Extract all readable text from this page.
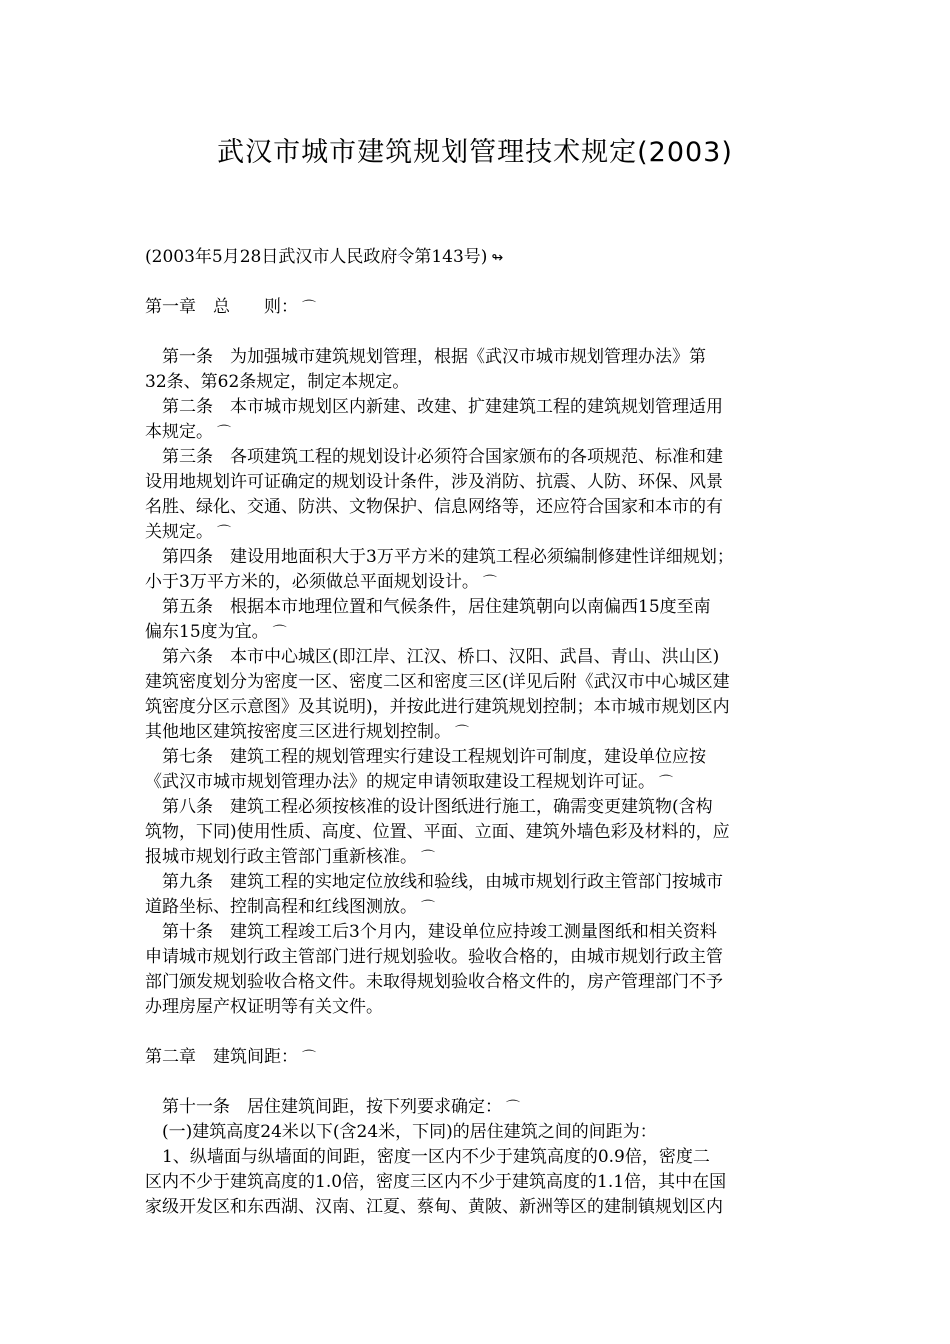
武汉市城市建筑规划管理技术规定(2003)
(2003年5月28日武汉市人民政府令第143号) ↬
第一章　总　　则： ⌒
　第一条　为加强城市建筑规划管理，根据《武汉市城市规划管理办法》第
32条、第62条规定，制定本规定。
　第二条　本市城市规划区内新建、改建、扩建建筑工程的建筑规划管理适用
本规定。 ⌒
　第三条　各项建筑工程的规划设计必须符合国家颁布的各项规范、标准和建
设用地规划许可证确定的规划设计条件，涉及消防、抗震、人防、环保、风景
名胜、绿化、交通、防洪、文物保护、信息网络等，还应符合国家和本市的有
关规定。 ⌒
　第四条　建设用地面积大于3万平方米的建筑工程必须编制修建性详细规划；
小于3万平方米的，必须做总平面规划设计。 ⌒
　第五条　根据本市地理位置和气候条件，居住建筑朝向以南偏西15度至南
偏东15度为宜。 ⌒
　第六条　本市中心城区(即江岸、江汉、桥口、汉阳、武昌、青山、洪山区)
建筑密度划分为密度一区、密度二区和密度三区(详见后附《武汉市中心城区建
筑密度分区示意图》及其说明)，并按此进行建筑规划控制；本市城市规划区内
其他地区建筑按密度三区进行规划控制。 ⌒
　第七条　建筑工程的规划管理实行建设工程规划许可制度，建设单位应按
《武汉市城市规划管理办法》的规定申请领取建设工程规划许可证。 ⌒
　第八条　建筑工程必须按核准的设计图纸进行施工，确需变更建筑物(含构
筑物，下同)使用性质、高度、位置、平面、立面、建筑外墙色彩及材料的，应
报城市规划行政主管部门重新核准。 ⌒
　第九条　建筑工程的实地定位放线和验线，由城市规划行政主管部门按城市
道路坐标、控制高程和红线图测放。 ⌒
　第十条　建筑工程竣工后3个月内，建设单位应持竣工测量图纸和相关资料
申请城市规划行政主管部门进行规划验收。验收合格的，由城市规划行政主管
部门颁发规划验收合格文件。未取得规划验收合格文件的，房产管理部门不予
办理房屋产权证明等有关文件。
第二章　建筑间距： ⌒
　第十一条　居住建筑间距，按下列要求确定： ⌒
　(一)建筑高度24米以下(含24米，下同)的居住建筑之间的间距为：
　1、纵墙面与纵墙面的间距，密度一区内不少于建筑高度的0.9倍，密度二
区内不少于建筑高度的1.0倍，密度三区内不少于建筑高度的1.1倍，其中在国
家级开发区和东西湖、汉南、江夏、蔡甸、黄陂、新洲等区的建制镇规划区内
